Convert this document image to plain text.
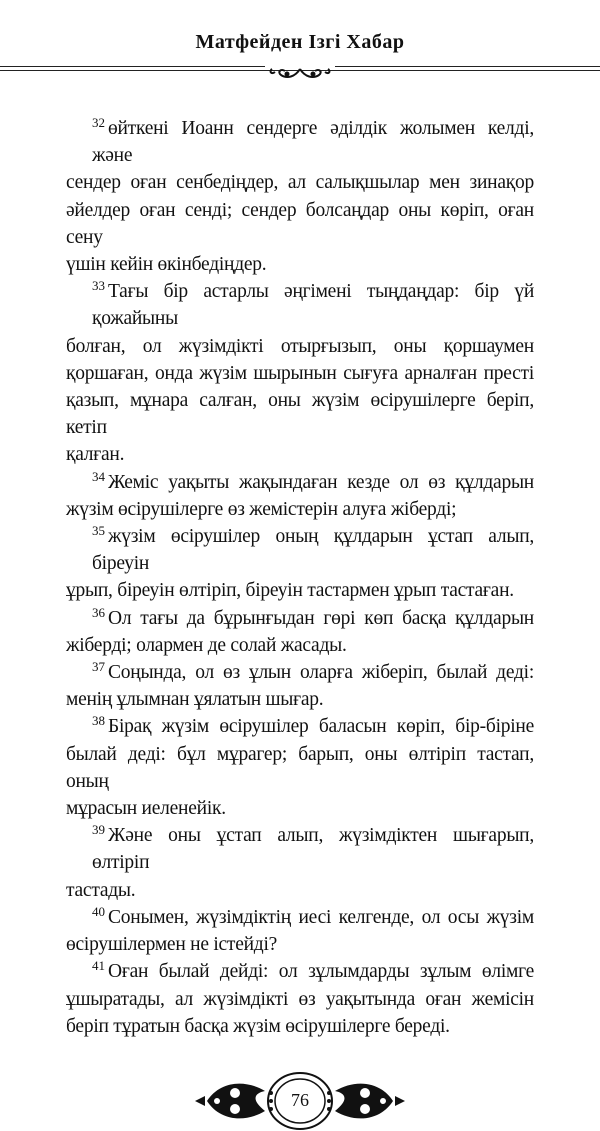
Матфейден Ізгі Хабар
$^{32}$ өйткені Иоанн сендерге әділдік жолымен келді, және
сендер оған сенбедіңдер, ал салықшылар мен зинақор
әйелдер оған сенді; сендер болсаңдар оны көріп, оған сену
үшін кейін өкінбедіңдер.
$^{33}$ Тағы бір астарлы әңгімені тыңдаңдар: бір үй қожайыны
болған, ол жүзімдікті отырғызып, оны қоршаумен
қоршаған, онда жүзім шырынын сығуға арналған престі
қазып, мұнара салған, оны жүзім өсірушілерге беріп, кетіп
қалған.
$^{34}$ Жеміс уақыты жақындаған кезде ол өз құлдарын
жүзім өсірушілерге өз жемістерін алуға жіберді;
$^{35}$ жүзім өсірушілер оның құлдарын ұстап алып, біреуін
ұрып, біреуін өлтіріп, біреуін тастармен ұрып тастаған.
$^{36}$ Ол тағы да бұрынғыдан гөрі көп басқа құлдарын
жіберді; олармен де солай жасады.
$^{37}$ Соңында, ол өз ұлын оларға жіберіп, былай деді:
менің ұлымнан ұялатын шығар.
$^{38}$ Бірақ жүзім өсірушілер баласын көріп, бір-біріне
былай деді: бұл мұрагер; барып, оны өлтіріп тастап, оның
мұрасын иеленейік.
$^{39}$ Және оны ұстап алып, жүзімдіктен шығарып, өлтіріп
тастады.
$^{40}$ Сонымен, жүзімдіктің иесі келгенде, ол осы жүзім
өсірушілермен не істейді?
$^{41}$ Оған былай дейді: ол зұлымдарды зұлым өлімге
ұшыратады, ал жүзімдікті өз уақытында оған жемісін
беріп тұратын басқа жүзім өсірушілерге береді.
76
